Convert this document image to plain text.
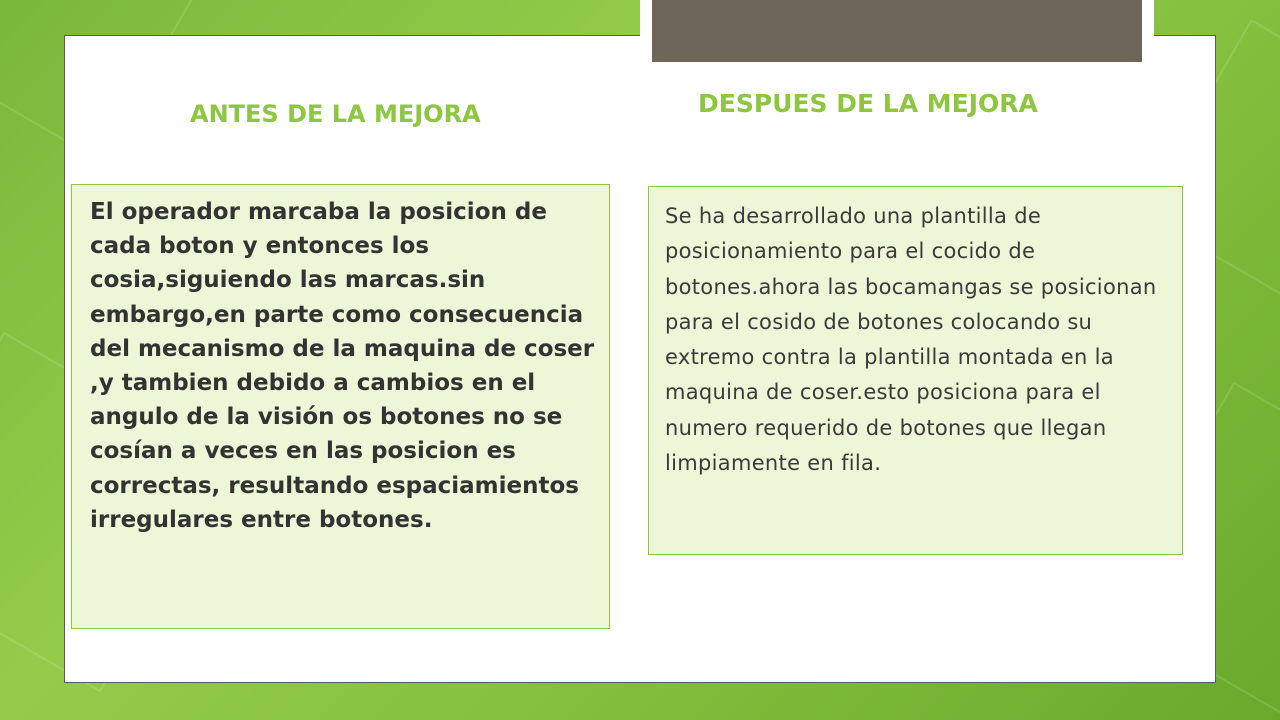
ANTES DE LA MEJORA	DESPUES DE LA MEJORA
El operador marcaba la posicion de cada boton y entonces los cosia,siguiendo las marcas.sin embargo,en parte como consecuencia del mecanismo de la maquina de coser ,y tambien debido a cambios en el angulo de la visión os botones no se cosían a veces en las posicion es correctas, resultando espaciamientos irregulares entre botones.
Se ha desarrollado una plantilla de posicionamiento para el cocido de botones.ahora las bocamangas se posicionan para el cosido de botones colocando su extremo contra la plantilla montada en la maquina de coser.esto posiciona para el numero requerido de botones que llegan limpiamente en fila.
